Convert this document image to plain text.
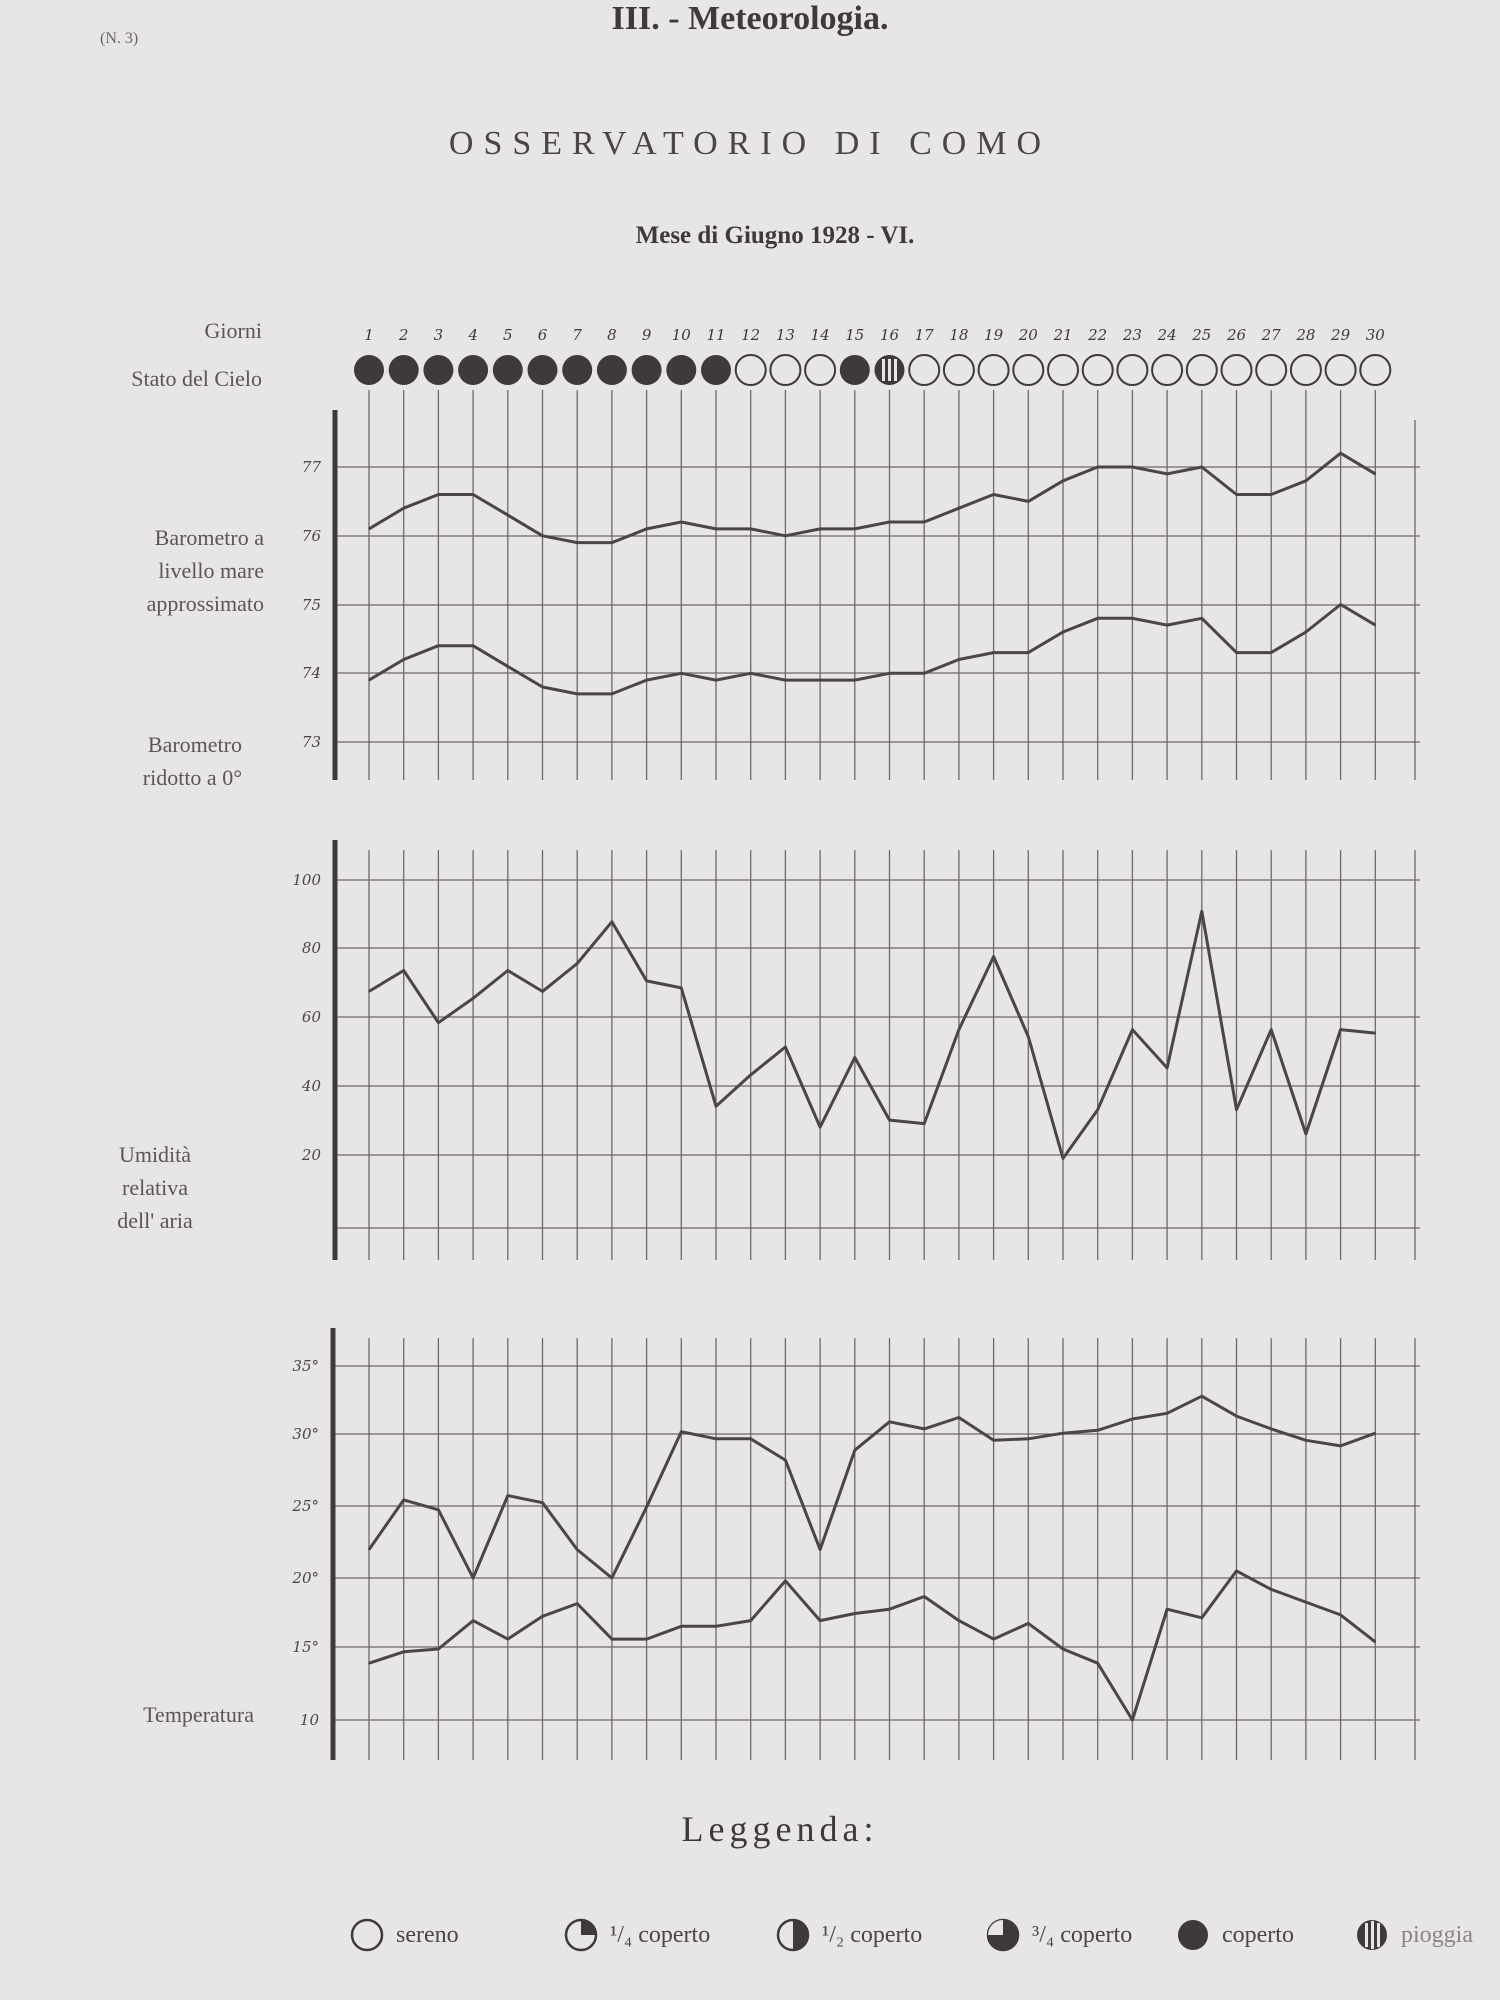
(N. 3)
III. - Meteorologia.
OSSERVATORIO DI COMO
Mese di Giugno 1928 - VI.
Giorni
Stato del Cielo
Barometro a
livello mare
approssimato
Barometro
ridotto a 0°
Umidità
relativa
dell' aria
Temperatura
1 2 3 4 5 6 7 8 9 10 11 12 13 14 15 16 17 18 19 20 21 22 23 24 25 26 27 28 29 30
77
76
75
74
73
100
80
60
40
20
35°
30°
25°
20°
15°
10
Leggenda:
sereno	¹/₄ coperto	¹/₂ coperto	³/₄ coperto	coperto	pioggia
